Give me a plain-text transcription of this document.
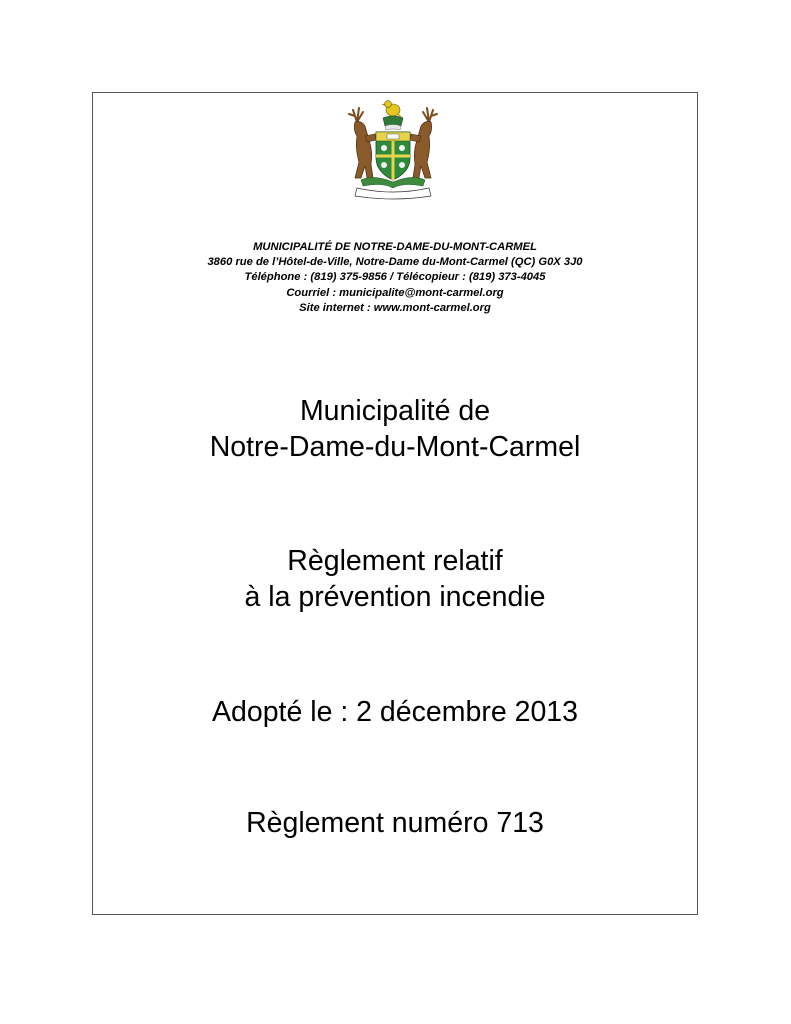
MUNICIPALITÉ DE NOTRE-DAME-DU-MONT-CARMEL
3860 rue de l’Hôtel-de-Ville, Notre-Dame du-Mont-Carmel (QC) G0X 3J0
Téléphone : (819) 375-9856 / Télécopieur : (819) 373-4045
Courriel : municipalite@mont-carmel.org
Site internet : www.mont-carmel.org
Municipalité de
Notre-Dame-du-Mont-Carmel
Règlement relatif
à la prévention incendie
Adopté le : 2 décembre 2013
Règlement numéro 713
